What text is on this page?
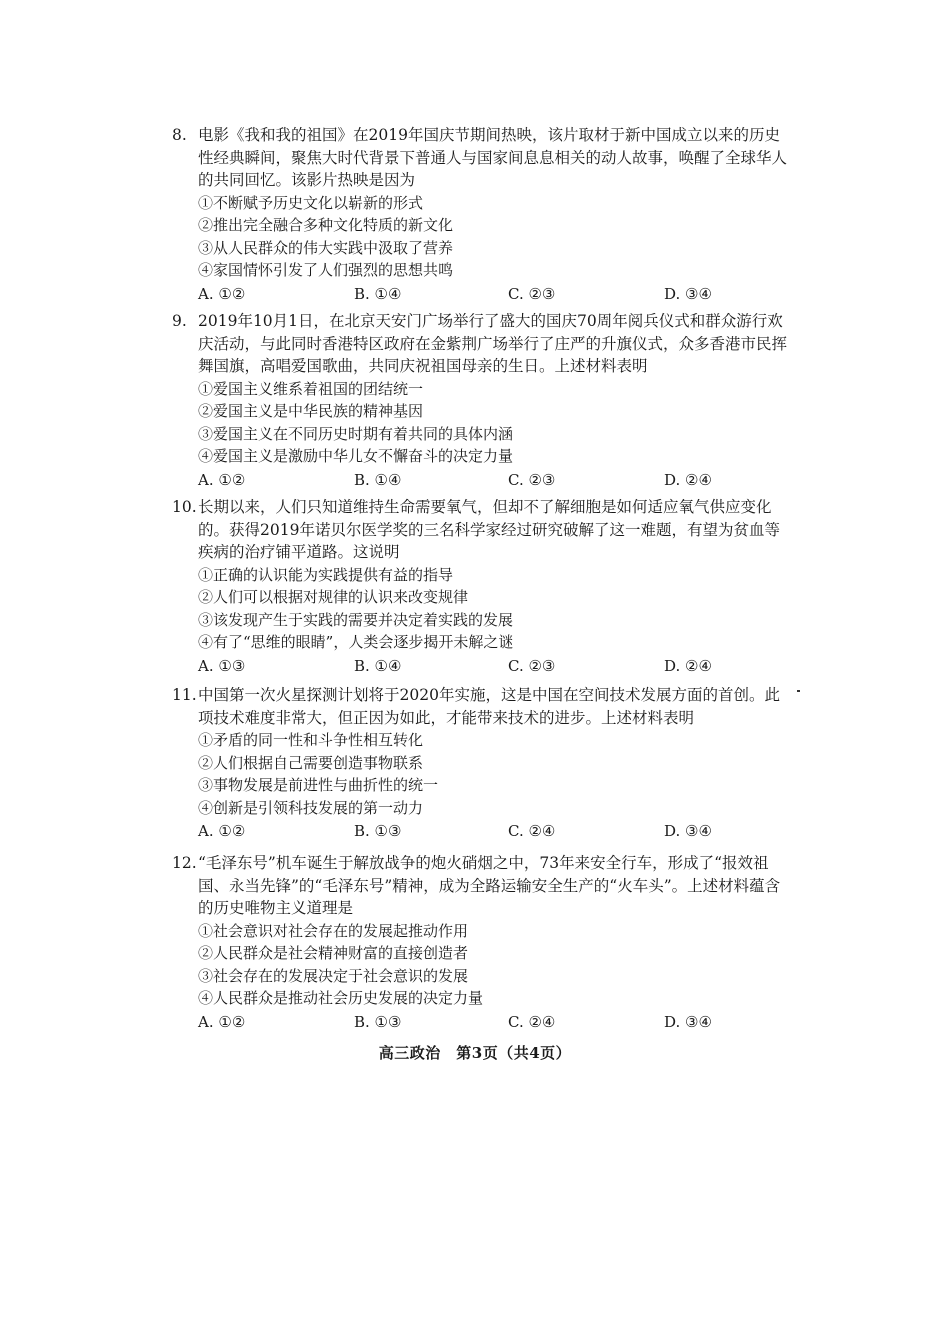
8. 电影《我和我的祖国》在2019年国庆节期间热映，该片取材于新中国成立以来的历史性经典瞬间，聚焦大时代背景下普通人与国家间息息相关的动人故事，唤醒了全球华人的共同回忆。该影片热映是因为
①不断赋予历史文化以崭新的形式
②推出完全融合多种文化特质的新文化
③从人民群众的伟大实践中汲取了营养
④家国情怀引发了人们强烈的思想共鸣
A. ①②	B. ①④	C. ②③	D. ③④
9. 2019年10月1日，在北京天安门广场举行了盛大的国庆70周年阅兵仪式和群众游行欢庆活动，与此同时香港特区政府在金紫荆广场举行了庄严的升旗仪式，众多香港市民挥舞国旗，高唱爱国歌曲，共同庆祝祖国母亲的生日。上述材料表明
①爱国主义维系着祖国的团结统一
②爱国主义是中华民族的精神基因
③爱国主义在不同历史时期有着共同的具体内涵
④爱国主义是激励中华儿女不懈奋斗的决定力量
A. ①②	B. ①④	C. ②③	D. ②④
10. 长期以来，人们只知道维持生命需要氧气，但却不了解细胞是如何适应氧气供应变化的。获得2019年诺贝尔医学奖的三名科学家经过研究破解了这一难题，有望为贫血等疾病的治疗铺平道路。这说明
①正确的认识能为实践提供有益的指导
②人们可以根据对规律的认识来改变规律
③该发现产生于实践的需要并决定着实践的发展
④有了“思维的眼睛”，人类会逐步揭开未解之谜
A. ①③	B. ①④	C. ②③	D. ②④
11. 中国第一次火星探测计划将于2020年实施，这是中国在空间技术发展方面的首创。此项技术难度非常大，但正因为如此，才能带来技术的进步。上述材料表明
①矛盾的同一性和斗争性相互转化
②人们根据自己需要创造事物联系
③事物发展是前进性与曲折性的统一
④创新是引领科技发展的第一动力
A. ①②	B. ①③	C. ②④	D. ③④
12. “毛泽东号”机车诞生于解放战争的炮火硝烟之中，73年来安全行车，形成了“报效祖国、永当先锋”的“毛泽东号”精神，成为全路运输安全生产的“火车头”。上述材料蕴含的历史唯物主义道理是
①社会意识对社会存在的发展起推动作用
②人民群众是社会精神财富的直接创造者
③社会存在的发展决定于社会意识的发展
④人民群众是推动社会历史发展的决定力量
A. ①②	B. ①③	C. ②④	D. ③④
高三政治　第3页（共4页）
